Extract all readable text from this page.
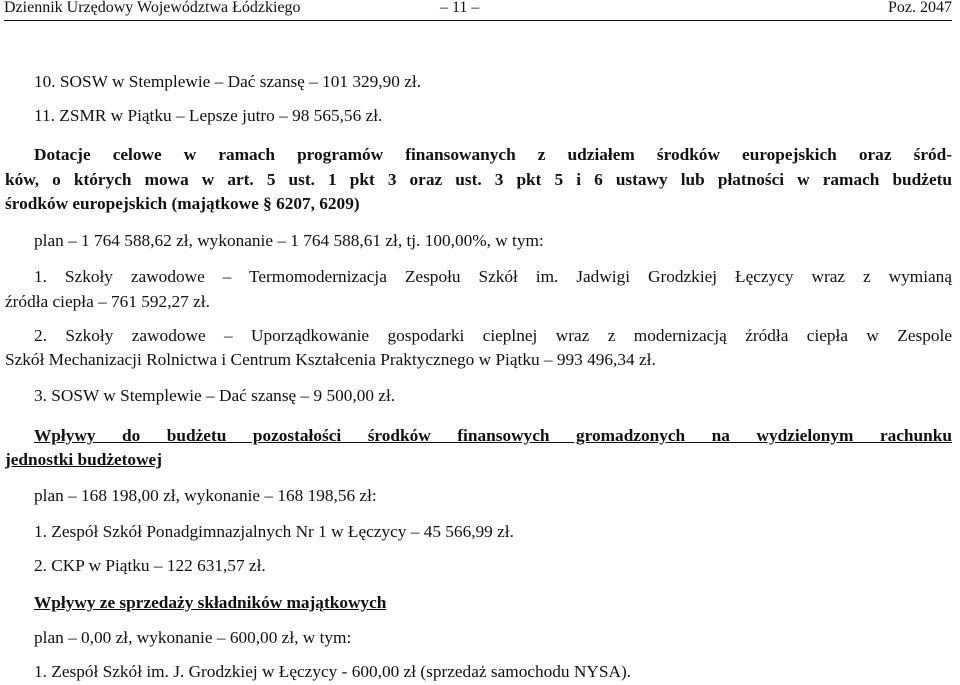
Dziennik Urzędowy Województwa Łódzkiego	– 11 –	Poz. 2047
10. SOSW w Stemplewie – Dać szansę – 101 329,90 zł.
11. ZSMR w Piątku – Lepsze jutro – 98 565,56 zł.
Dotacje celowe w ramach programów finansowanych z udziałem środków europejskich oraz śród-
ków, o których mowa w art. 5 ust. 1 pkt 3 oraz ust. 3 pkt 5 i 6 ustawy lub płatności w ramach budżetu
środków europejskich (majątkowe § 6207, 6209)
plan – 1 764 588,62 zł, wykonanie – 1 764 588,61 zł, tj. 100,00%, w tym:
1. Szkoły zawodowe – Termomodernizacja Zespołu Szkół im. Jadwigi Grodzkiej Łęczycy wraz z wymianą
źródła ciepła – 761 592,27 zł.
2. Szkoły zawodowe – Uporządkowanie gospodarki cieplnej wraz z modernizacją źródła ciepła w Zespole
Szkół Mechanizacji Rolnictwa i Centrum Kształcenia Praktycznego w Piątku – 993 496,34 zł.
3. SOSW w Stemplewie – Dać szansę – 9 500,00 zł.
Wpływy do budżetu pozostałości środków finansowych gromadzonych na wydzielonym rachunku
jednostki budżetowej
plan – 168 198,00 zł, wykonanie – 168 198,56 zł:
1. Zespół Szkół Ponadgimnazjalnych Nr 1 w Łęczycy – 45 566,99 zł.
2. CKP w Piątku – 122 631,57 zł.
Wpływy ze sprzedaży składników majątkowych
plan – 0,00 zł, wykonanie – 600,00 zł, w tym:
1. Zespół Szkół im. J. Grodzkiej w Łęczycy - 600,00 zł (sprzedaż samochodu NYSA).
